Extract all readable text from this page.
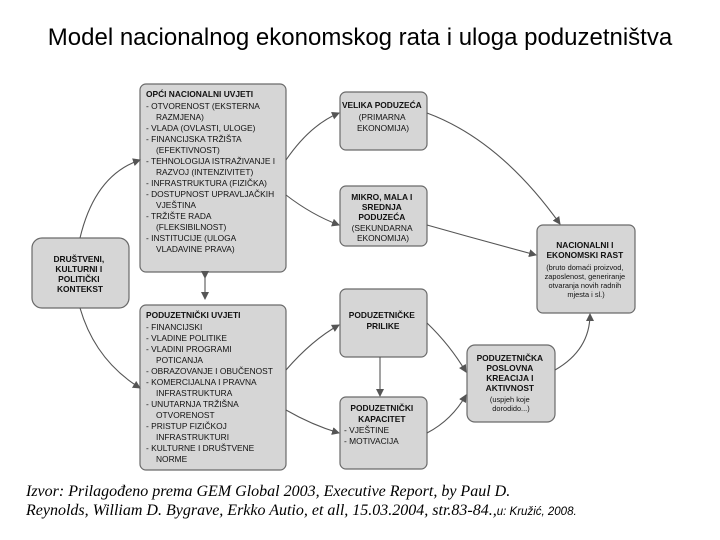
Model nacionalnog ekonomskog rata i uloga poduzetništva
DRUŠTVENI, KULTURNI I POLITIČKI KONTEKST
OPĆI NACIONALNI UVJETI
- OTVORENOST (EKSTERNA RAZMJENA) - VLADA (OVLASTI, ULOGE) - FINANCIJSKA TRŽIŠTA (EFEKTIVNOST) - TEHNOLOGIJA ISTRAŽIVANJE I RAZVOJ (INTENZIVITET) - INFRASTRUKTURA (FIZIČKA) - DOSTUPNOST UPRAVLJAČKIH VJEŠTINA - TRŽIŠTE RADA (FLEKSIBILNOST) - INSTITUCIJE (ULOGA VLADAVINE PRAVA)
PODUZETNIČKI UVJETI
- FINANCIJSKI - VLADINE POLITIKE - VLADINI PROGRAMI POTICANJA - OBRAZOVANJE I OBUČENOST - KOMERCIJALNA I PRAVNA INFRASTRUKTURA - UNUTARNJA TRŽIŠNA OTVORENOST - PRISTUP FIZIČKOJ INFRASTRUKTURI - KULTURNE I DRUŠTVENE NORME
VELIKA PODUZEĆA (PRIMARNA EKONOMIJA)
MIKRO, MALA I SREDNJA PODUZEĆA (SEKUNDARNA EKONOMIJA)
PODUZETNIČKE PRILIKE
PODUZETNIČKI KAPACITET - VJEŠTINE - MOTIVACIJA
NACIONALNI I EKONOMSKI RAST (bruto domaći proizvod, zaposlenost, generiranje otvaranja novih radnih mjesta i sl.)
PODUZETNIČKA POSLOVNA KREACIJA I AKTIVNOST (uspjeh koje dorodido...)
Izvor: Prilagođeno prema GEM Global 2003, Executive Report, by Paul D.
Reynolds, William D. Bygrave, Erkko Autio, et all, 15.03.2004, str.83-84.,u: Kružić, 2008.
